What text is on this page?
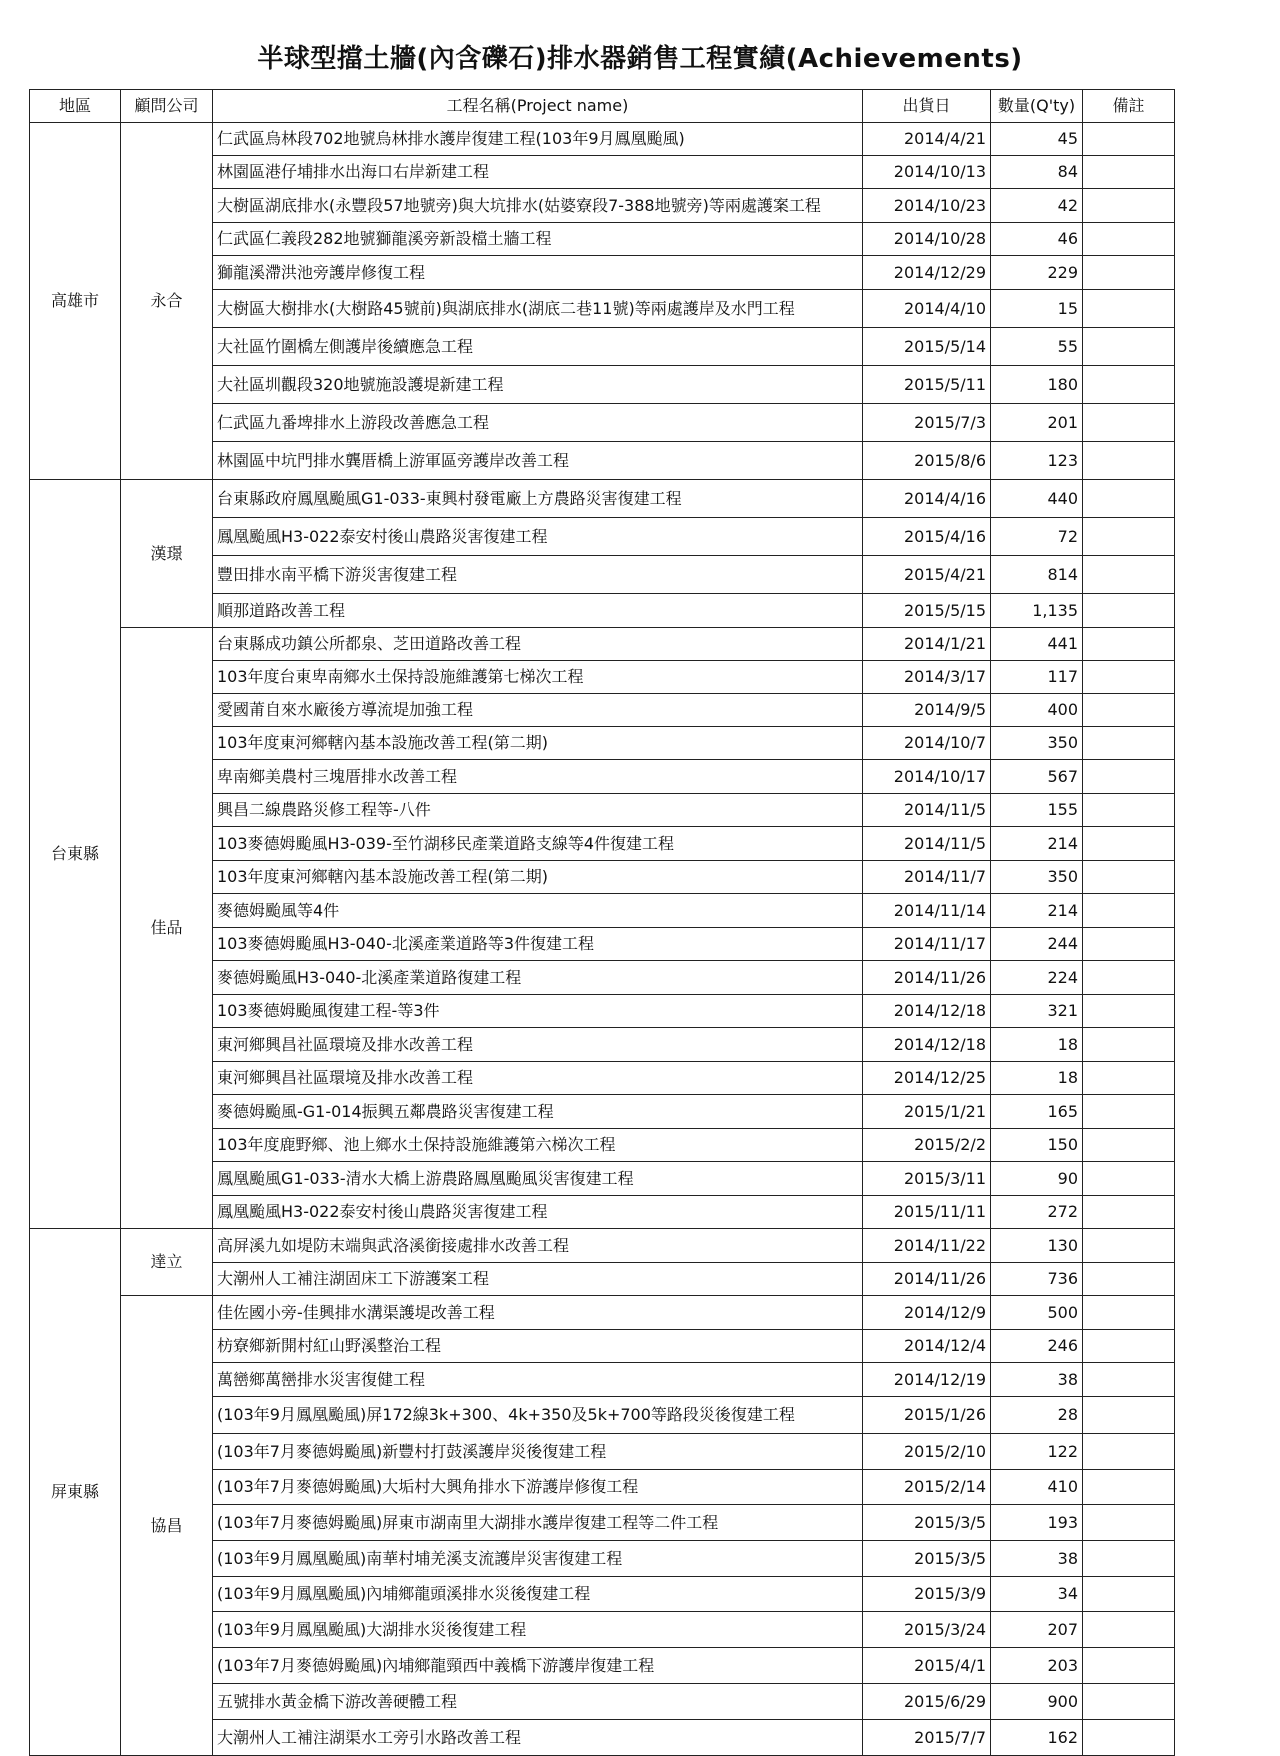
半球型擋土牆(內含礫石)排水器銷售工程實績(Achievements)
地區	顧問公司	工程名稱(Project name)	出貨日	數量(Q'ty)	備註
高雄市	永合	仁武區烏林段702地號烏林排水護岸復建工程(103年9月鳳凰颱風)	2014/4/21	45	
		林園區港仔埔排水出海口右岸新建工程	2014/10/13	84	
		大樹區湖底排水(永豐段57地號旁)與大坑排水(姑婆寮段7-388地號旁)等兩處護案工程	2014/10/23	42	
		仁武區仁義段282地號獅龍溪旁新設檔土牆工程	2014/10/28	46	
		獅龍溪滯洪池旁護岸修復工程	2014/12/29	229	
		大樹區大樹排水(大樹路45號前)與湖底排水(湖底二巷11號)等兩處護岸及水門工程	2014/4/10	15	
		大社區竹圍橋左側護岸後續應急工程	2015/5/14	55	
		大社區圳觀段320地號施設護堤新建工程	2015/5/11	180	
		仁武區九番埤排水上游段改善應急工程	2015/7/3	201	
		林園區中坑門排水龔厝橋上游軍區旁護岸改善工程	2015/8/6	123	
台東縣	漢璟	台東縣政府鳳凰颱風G1-033-東興村發電廠上方農路災害復建工程	2014/4/16	440	
		鳳凰颱風H3-022泰安村後山農路災害復建工程	2015/4/16	72	
		豐田排水南平橋下游災害復建工程	2015/4/21	814	
		順那道路改善工程	2015/5/15	1,135	
	佳品	台東縣成功鎮公所都泉、芝田道路改善工程	2014/1/21	441	
		103年度台東卑南鄉水土保持設施維護第七梯次工程	2014/3/17	117	
		愛國莆自來水廠後方導流堤加強工程	2014/9/5	400	
		103年度東河鄉轄內基本設施改善工程(第二期)	2014/10/7	350	
		卑南鄉美農村三塊厝排水改善工程	2014/10/17	567	
		興昌二線農路災修工程等-八件	2014/11/5	155	
		103麥德姆颱風H3-039-至竹湖移民產業道路支線等4件復建工程	2014/11/5	214	
		103年度東河鄉轄內基本設施改善工程(第二期)	2014/11/7	350	
		麥德姆颱風等4件	2014/11/14	214	
		103麥德姆颱風H3-040-北溪產業道路等3件復建工程	2014/11/17	244	
		麥德姆颱風H3-040-北溪產業道路復建工程	2014/11/26	224	
		103麥德姆颱風復建工程-等3件	2014/12/18	321	
		東河鄉興昌社區環境及排水改善工程	2014/12/18	18	
		東河鄉興昌社區環境及排水改善工程	2014/12/25	18	
		麥德姆颱風-G1-014振興五鄰農路災害復建工程	2015/1/21	165	
		103年度鹿野鄉、池上鄉水土保持設施維護第六梯次工程	2015/2/2	150	
		鳳凰颱風G1-033-清水大橋上游農路鳳凰颱風災害復建工程	2015/3/11	90	
		鳳凰颱風H3-022泰安村後山農路災害復建工程	2015/11/11	272	
屏東縣	達立	高屏溪九如堤防末端與武洛溪銜接處排水改善工程	2014/11/22	130	
		大潮州人工補注湖固床工下游護案工程	2014/11/26	736	
	協昌	佳佐國小旁-佳興排水溝渠護堤改善工程	2014/12/9	500	
		枋寮鄉新開村紅山野溪整治工程	2014/12/4	246	
		萬巒鄉萬巒排水災害復健工程	2014/12/19	38	
		(103年9月鳳凰颱風)屏172線3k+300、4k+350及5k+700等路段災後復建工程	2015/1/26	28	
		(103年7月麥德姆颱風)新豐村打鼓溪護岸災後復建工程	2015/2/10	122	
		(103年7月麥德姆颱風)大垢村大興角排水下游護岸修復工程	2015/2/14	410	
		(103年7月麥德姆颱風)屏東市湖南里大湖排水護岸復建工程等二件工程	2015/3/5	193	
		(103年9月鳳凰颱風)南華村埔羌溪支流護岸災害復建工程	2015/3/5	38	
		(103年9月鳳凰颱風)內埔鄉龍頭溪排水災後復建工程	2015/3/9	34	
		(103年9月鳳凰颱風)大湖排水災後復建工程	2015/3/24	207	
		(103年7月麥德姆颱風)內埔鄉龍頸西中義橋下游護岸復建工程	2015/4/1	203	
		五號排水黃金橋下游改善硬體工程	2015/6/29	900	
		大潮州人工補注湖渠水工旁引水路改善工程	2015/7/7	162	
